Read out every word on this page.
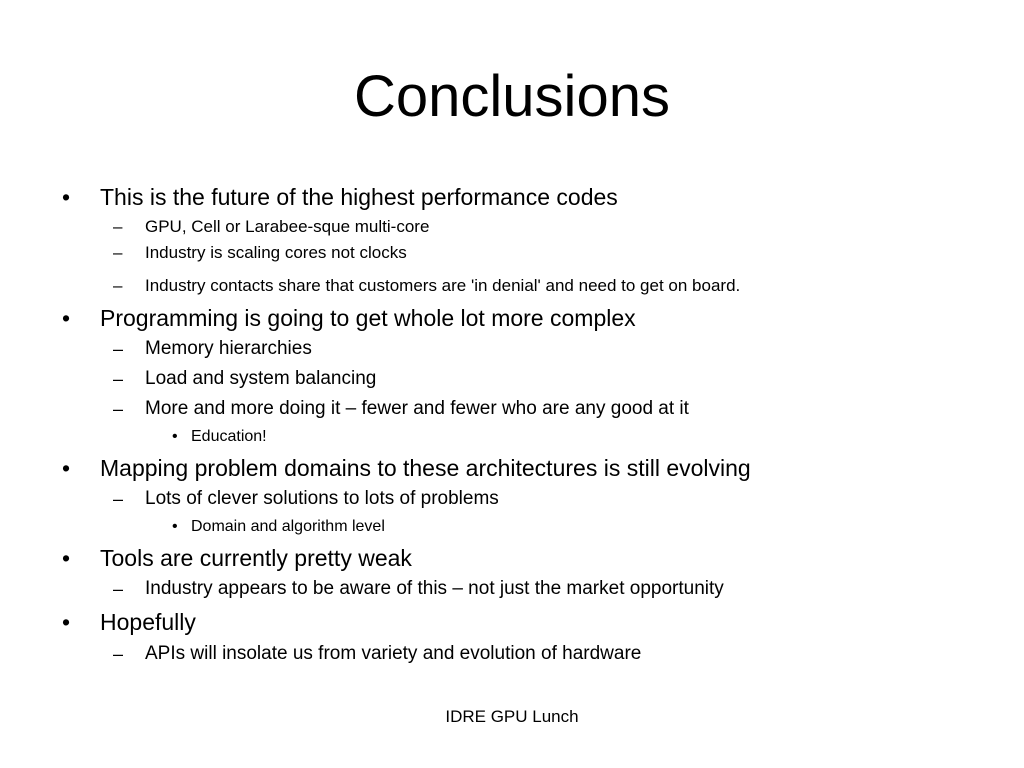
Conclusions
• This is the future of the highest performance codes
– GPU, Cell or Larabee-sque multi-core
– Industry is scaling cores not clocks
– Industry contacts share that customers are 'in denial' and need to get on board.
• Programming is going to get whole lot more complex
– Memory hierarchies
– Load and system balancing
– More and more doing it – fewer and fewer who are any good at it
• Education!
• Mapping problem domains to these architectures is still evolving
– Lots of clever solutions to lots of problems
• Domain and algorithm level
• Tools are currently pretty weak
– Industry appears to be aware of this – not just the market opportunity
• Hopefully
– APIs will insolate us from variety and evolution of hardware
IDRE GPU Lunch
